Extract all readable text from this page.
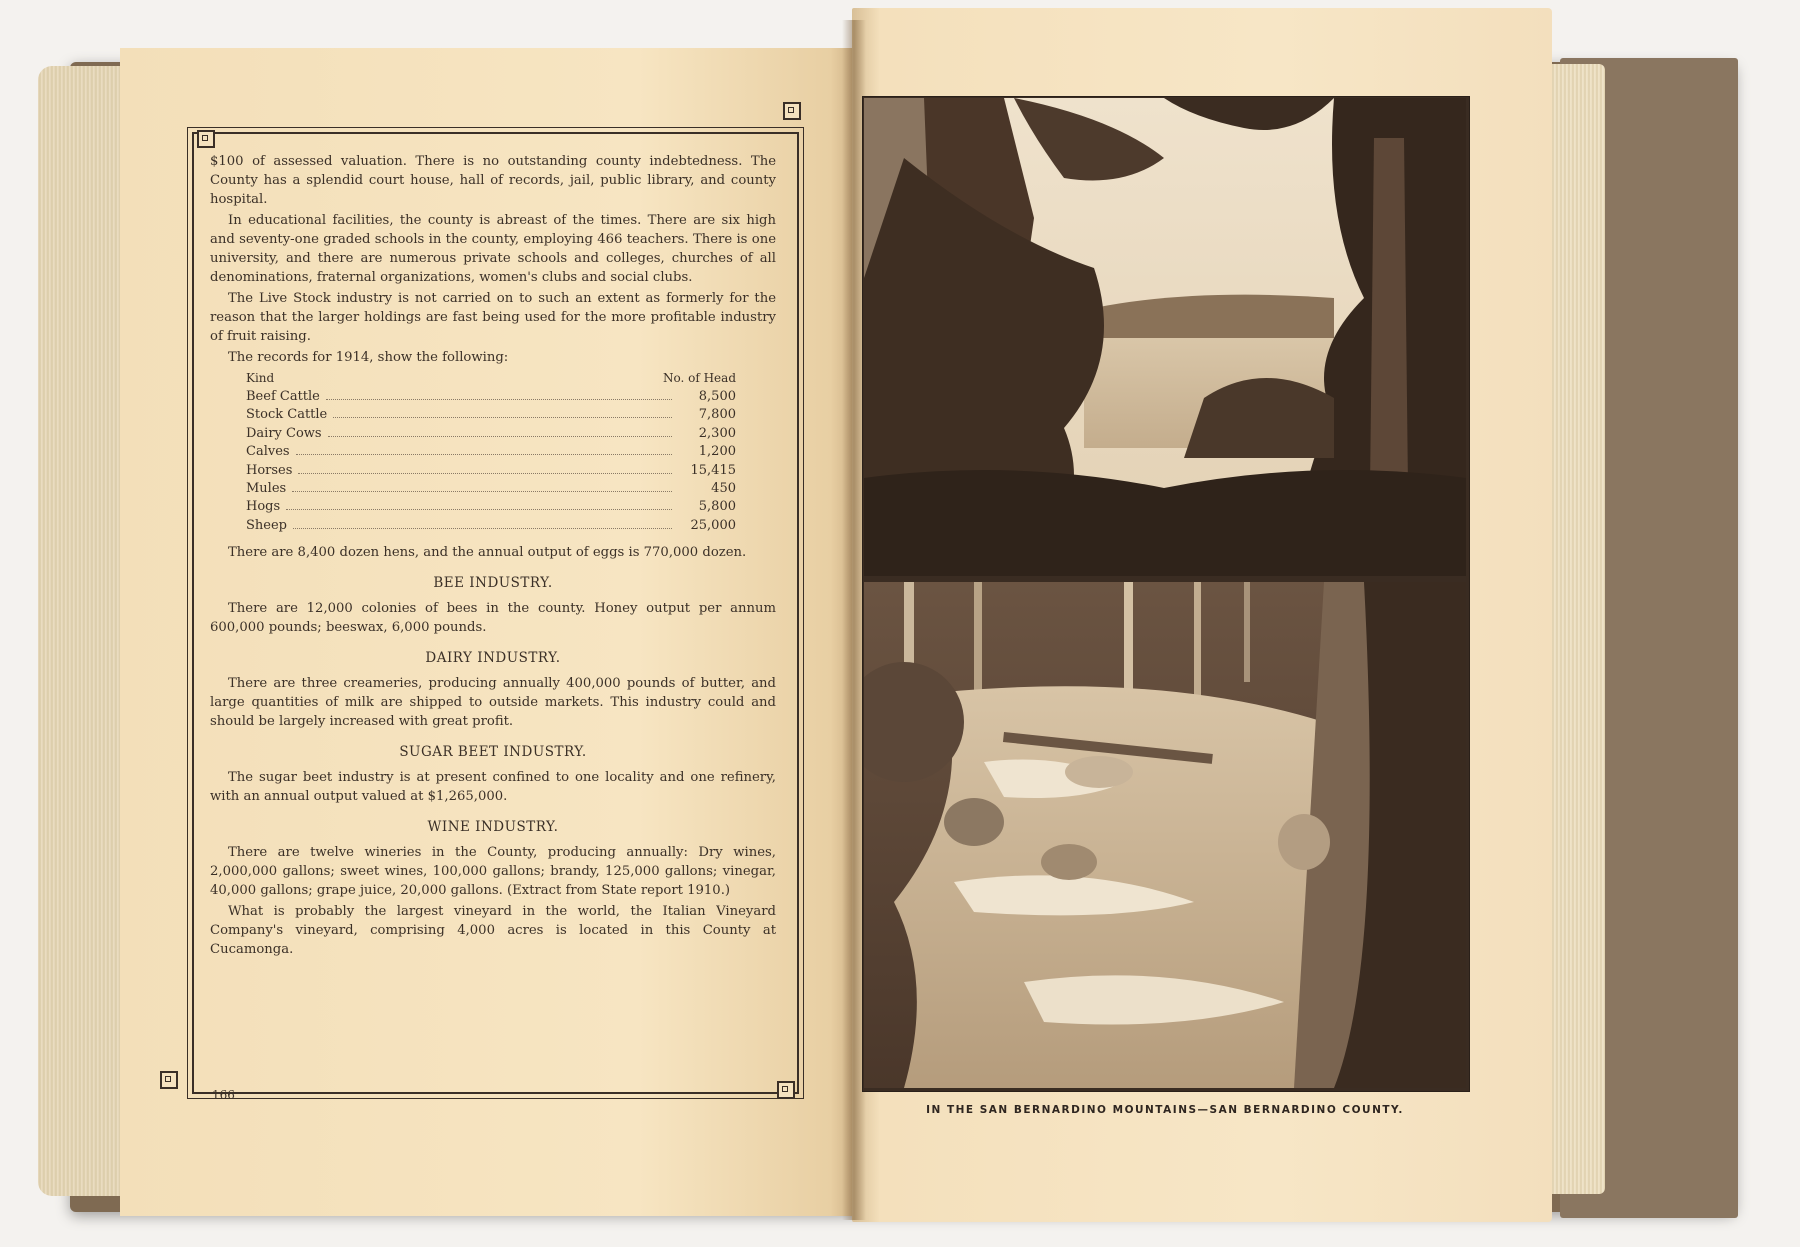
$100 of assessed valuation. There is no outstanding county indebtedness. The County has a splendid court house, hall of records, jail, public library, and county hospital.

In educational facilities, the county is abreast of the times. There are six high and seventy-one graded schools in the county, employing 466 teachers. There is one university, and there are numerous private schools and colleges, churches of all denominations, fraternal organizations, women's clubs and social clubs.

The Live Stock industry is not carried on to such an extent as formerly for the reason that the larger holdings are fast being used for the more profitable industry of fruit raising.

The records for 1914, show the following:

Kind	No. of Head
Beef Cattle	8,500
Stock Cattle	7,800
Dairy Cows	2,300
Calves	1,200
Horses	15,415
Mules	450
Hogs	5,800
Sheep	25,000

There are 8,400 dozen hens, and the annual output of eggs is 770,000 dozen.

BEE INDUSTRY.

There are 12,000 colonies of bees in the county. Honey output per annum 600,000 pounds; beeswax, 6,000 pounds.

DAIRY INDUSTRY.

There are three creameries, producing annually 400,000 pounds of butter, and large quantities of milk are shipped to outside markets. This industry could and should be largely increased with great profit.

SUGAR BEET INDUSTRY.

The sugar beet industry is at present confined to one locality and one refinery, with an annual output valued at $1,265,000.

WINE INDUSTRY.

There are twelve wineries in the County, producing annually: Dry wines, 2,000,000 gallons; sweet wines, 100,000 gallons; brandy, 125,000 gallons; vinegar, 40,000 gallons; grape juice, 20,000 gallons. (Extract from State report 1910.)

What is probably the largest vineyard in the world, the Italian Vineyard Company's vineyard, comprising 4,000 acres is located in this County at Cucamonga.

166
IN THE SAN BERNARDINO MOUNTAINS—SAN BERNARDINO COUNTY.
